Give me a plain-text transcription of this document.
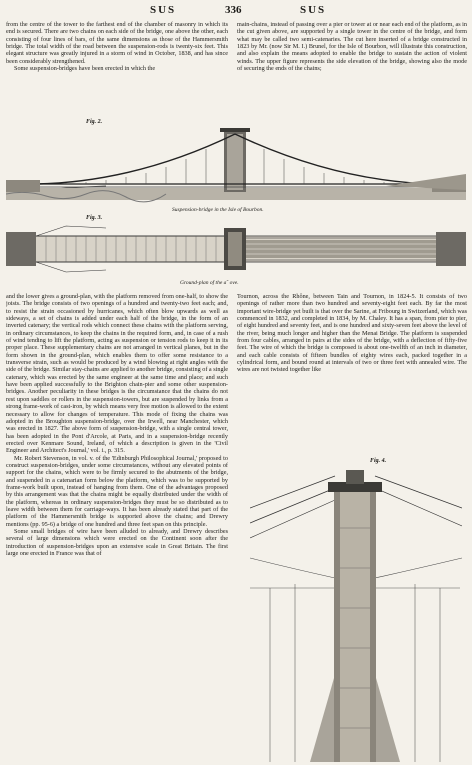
SUS	336	SUS

from the centre of the tower to the farthest end of the chamber of masonry in which its end is secured. There are two chains on each side of the bridge, one above the other, each consisting of four lines of bars, of the same dimensions as those of the Hammersmith bridge. The total width of the road between the suspension-rods is twenty-six feet. This elegant structure was greatly injured in a storm of wind in October, 1838, and has since been considerably strengthened.

Some suspension-bridges have been erected in which the

main-chains, instead of passing over a pier or tower at or near each end of the platform, as in the cut given above, are supported by a single tower in the centre of the bridge, and form what may be called two semi-catenaries. The cut here inserted of a bridge constructed in 1823 by Mr. (now Sir M. I.) Brunel, for the Isle of Bourbon, will illustrate this construction, and also explain the means adopted to enable the bridge to sustain the action of violent winds. The upper figure represents the side elevation of the bridge, showing also the mode of securing the ends of the chains;

Fig. 2.
Suspension-bridge in the Isle of Bourbon.
Fig. 3.
Ground-plan of the a˜ ove.

and the lower gives a ground-plan, with the platform removed from one-half, to show the joists. The bridge consists of two openings of a hundred and twenty-two feet each; and, to resist the strain occasioned by hurricanes, which often blow upwards as well as sideways, a set of chains is added under each half of the bridge, in the form of an inverted catenary; the vertical rods which connect these chains with the platform serving, in ordinary circumstances, to keep the chains in the required form, and, in case of a rush of wind tending to lift the platform, acting as suspension or tension rods to keep it in its proper place. These supplementary chains are not arranged in vertical planes, but in the form shown in the ground-plan, which enables them to offer some resistance to a transverse strain, such as would be produced by a wind blowing at right angles with the side of the bridge. Similar stay-chains are applied to another bridge, consisting of a single catenary, which was erected by the same engineer at the same time and place; and such have been applied successfully to the Brighton chain-pier and some other suspension-bridges. Another peculiarity in these bridges is the circumstance that the chains do not rest upon saddles or rollers in the suspension-towers, but are suspended by links from a strong frame-work of cast-iron, by which means very free motion is allowed to the extent necessary to allow for changes of temperature. This mode of fixing the chains was adopted in the Broughton suspension-bridge, over the Irwell, near Manchester, which was erected in 1827. The above form of suspension-bridge, with a single central tower, has been adopted in the Pont d'Arcole, at Paris, and in a suspension-bridge recently erected over Kenmare Sound, Ireland, of which a description is given in the 'Civil Engineer and Architect's Journal,' vol. i., p. 315.

Mr. Robert Stevenson, in vol. v. of the 'Edinburgh Philosophical Journal,' proposed to construct suspension-bridges, under some circumstances, without any elevated points of support for the chains, which were to be firmly secured to the abutments of the bridge, and suspended in a catenarian form below the platform, which was to be supported by frame-work built upon, instead of hanging from them. One of the advantages proposed by this arrangement was that the chains might be equally distributed under the width of the platform, whereas in ordinary suspension-bridges they must be so distributed as to leave width between them for carriage-ways. It has been already stated that part of the platform of the Hammersmith bridge is supported above the chains; and Drewry mentions (pp. 95-6) a bridge of one hundred and three feet span on this principle.

Some small bridges of wire have been alluded to already, and Drewry describes several of large dimensions which were erected on the Continent soon after the introduction of suspension-bridges upon an extensive scale in Great Britain. The first large one erected in France was that of

Tournon, across the Rhône, between Tain and Tournon, in 1824-5. It consists of two openings of rather more than two hundred and seventy-eight feet each. By far the most important wire-bridge yet built is that over the Sarine, at Fribourg in Switzerland, which was commenced in 1832, and completed in 1834, by M. Chaley. It has a span, from pier to pier, of eight hundred and seventy feet, and is one hundred and sixty-seven feet above the level of the river, being much longer and higher than the Menai Bridge. The platform is suspended from four cables, arranged in pairs at the sides of the bridge, with a deflection of fifty-five feet. The wire of which the bridge is composed is about one-twelfth of an inch in diameter, and each cable consists of fifteen bundles of eighty wires each, packed together in a cylindrical form, and bound round at intervals of two or three feet with annealed wire. The wires are not twisted together like

Fig. 4.
